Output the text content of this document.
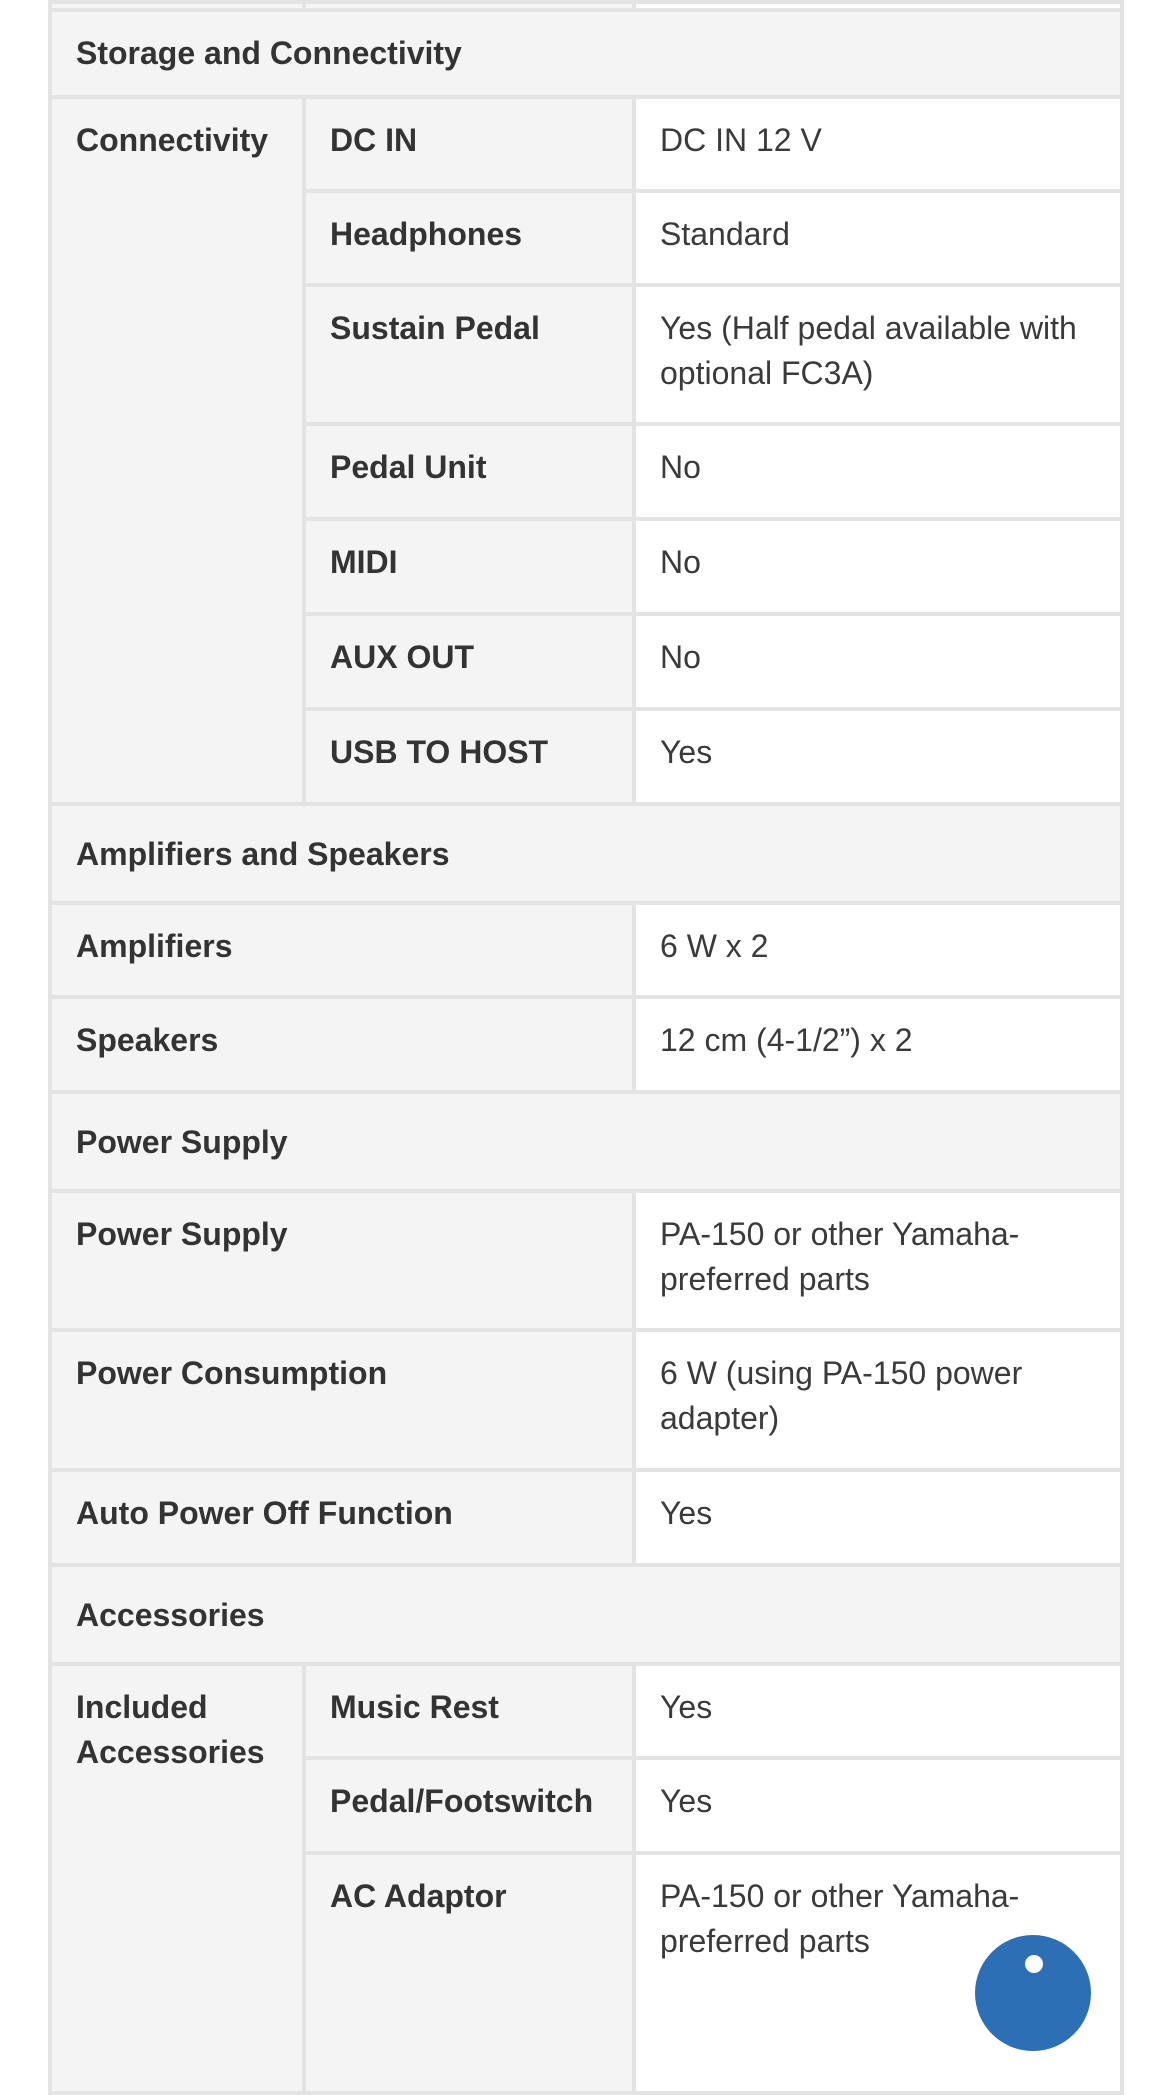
Storage and Connectivity		
Connectivity	DC IN	DC IN 12 V
	Headphones	Standard
	Sustain Pedal	Yes (Half pedal available with optional FC3A)
	Pedal Unit	No
	MIDI	No
	AUX OUT	No
	USB TO HOST	Yes
Amplifiers and Speakers		
Amplifiers		6 W x 2
Speakers		12 cm (4-1/2”) x 2
Power Supply		
Power Supply		PA-150 or other Yamaha-preferred parts
Power Consumption		6 W (using PA-150 power adapter)
Auto Power Off Function		Yes
Accessories		
Included Accessories	Music Rest	Yes
	Pedal/Footswitch	Yes
	AC Adaptor	PA-150 or other Yamaha-preferred parts
